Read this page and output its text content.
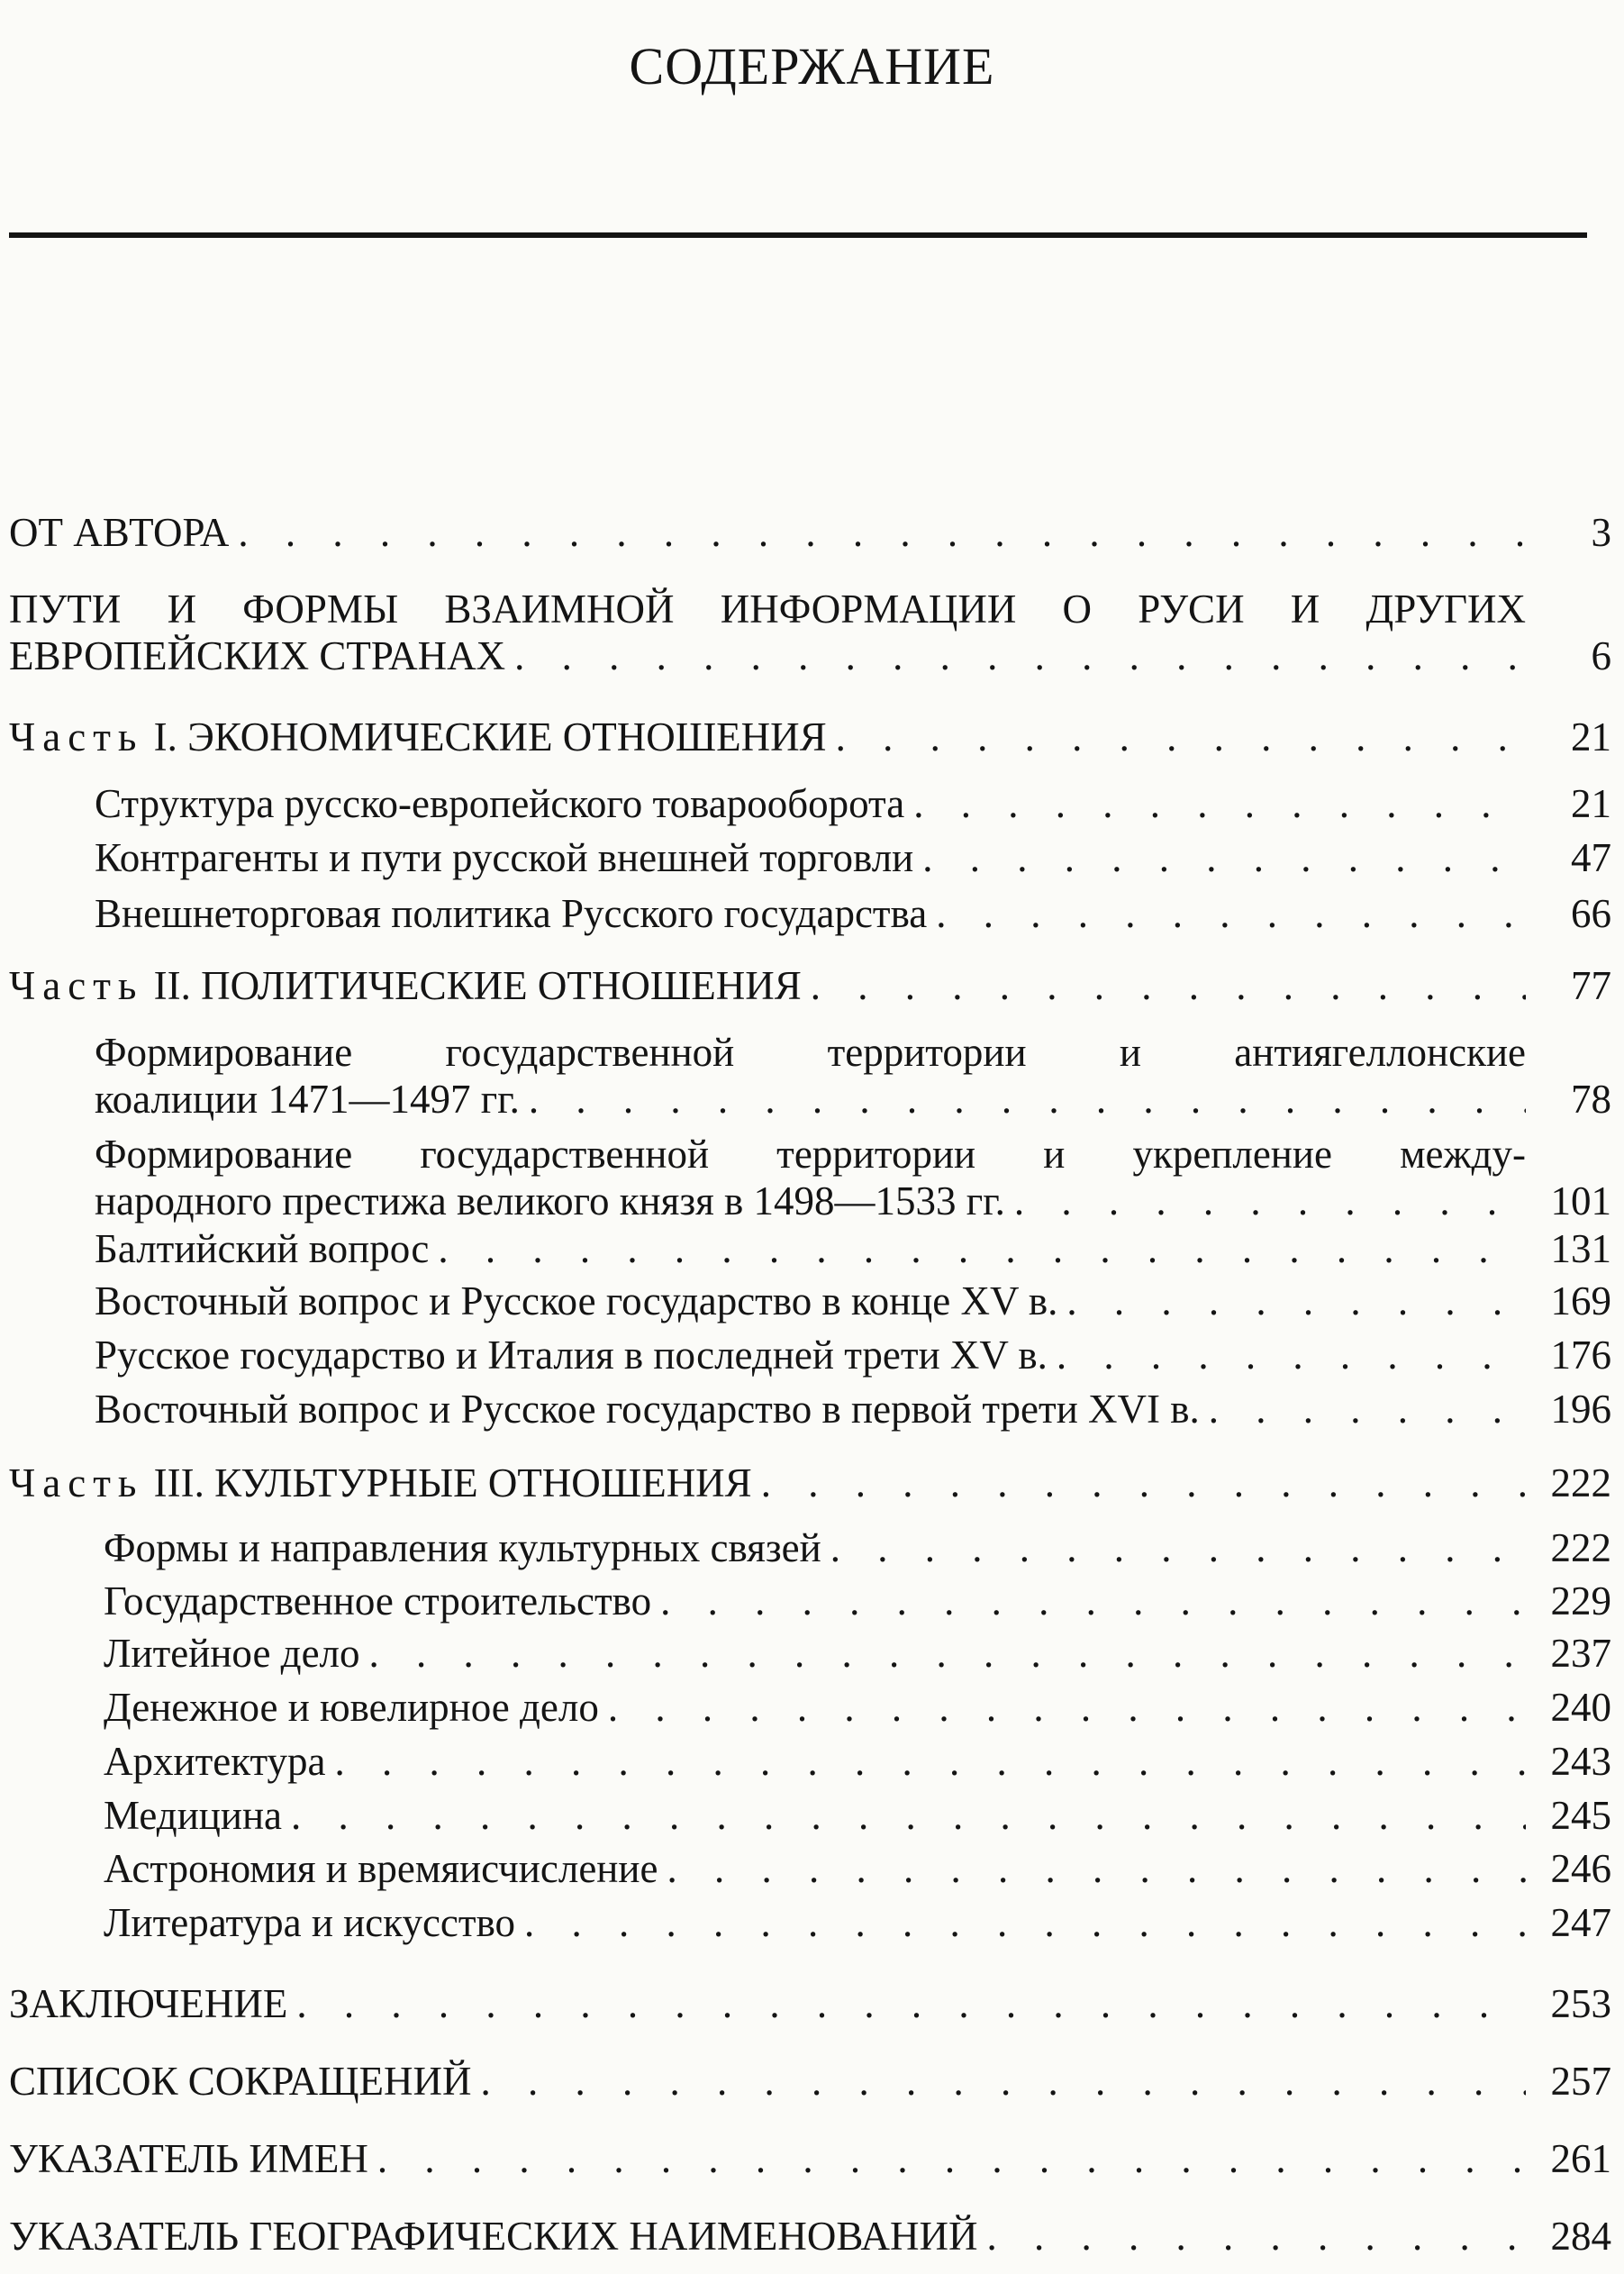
СОДЕРЖАНИЕ
ОТ АВТОРА . . .	3
ПУТИ И ФОРМЫ ВЗАИМНОЙ ИНФОРМАЦИИ О РУСИ И ДРУГИХ
ЕВРОПЕЙСКИХ СТРАНАХ . . .	6
Часть I. ЭКОНОМИЧЕСКИЕ ОТНОШЕНИЯ . . .	21
Структура русско-европейского товарооборота . . .	21
Контрагенты и пути русской внешней торговли . . .	47
Внешнеторговая политика Русского государства . . .	66
Часть II. ПОЛИТИЧЕСКИЕ ОТНОШЕНИЯ . . .	77
Формирование государственной территории и антиягеллонские
коалиции 1471—1497 гг. . . .	78
Формирование государственной территории и укрепление между-
народного престижа великого князя в 1498—1533 гг. . . .	101
Балтийский вопрос . . .	131
Восточный вопрос и Русское государство в конце XV в. . . .	169
Русское государство и Италия в последней трети XV в. . . .	176
Восточный вопрос и Русское государство в первой трети XVI в. . . .	196
Часть III. КУЛЬТУРНЫЕ ОТНОШЕНИЯ . . .	222
Формы и направления культурных связей . . .	222
Государственное строительство . . .	229
Литейное дело . . .	237
Денежное и ювелирное дело . . .	240
Архитектура . . .	243
Медицина . . .	245
Астрономия и времяисчисление . . .	246
Литература и искусство . . .	247
ЗАКЛЮЧЕНИЕ . . .	253
СПИСОК СОКРАЩЕНИЙ . . .	257
УКАЗАТЕЛЬ ИМЕН . . .	261
УКАЗАТЕЛЬ ГЕОГРАФИЧЕСКИХ НАИМЕНОВАНИЙ . . .	284
